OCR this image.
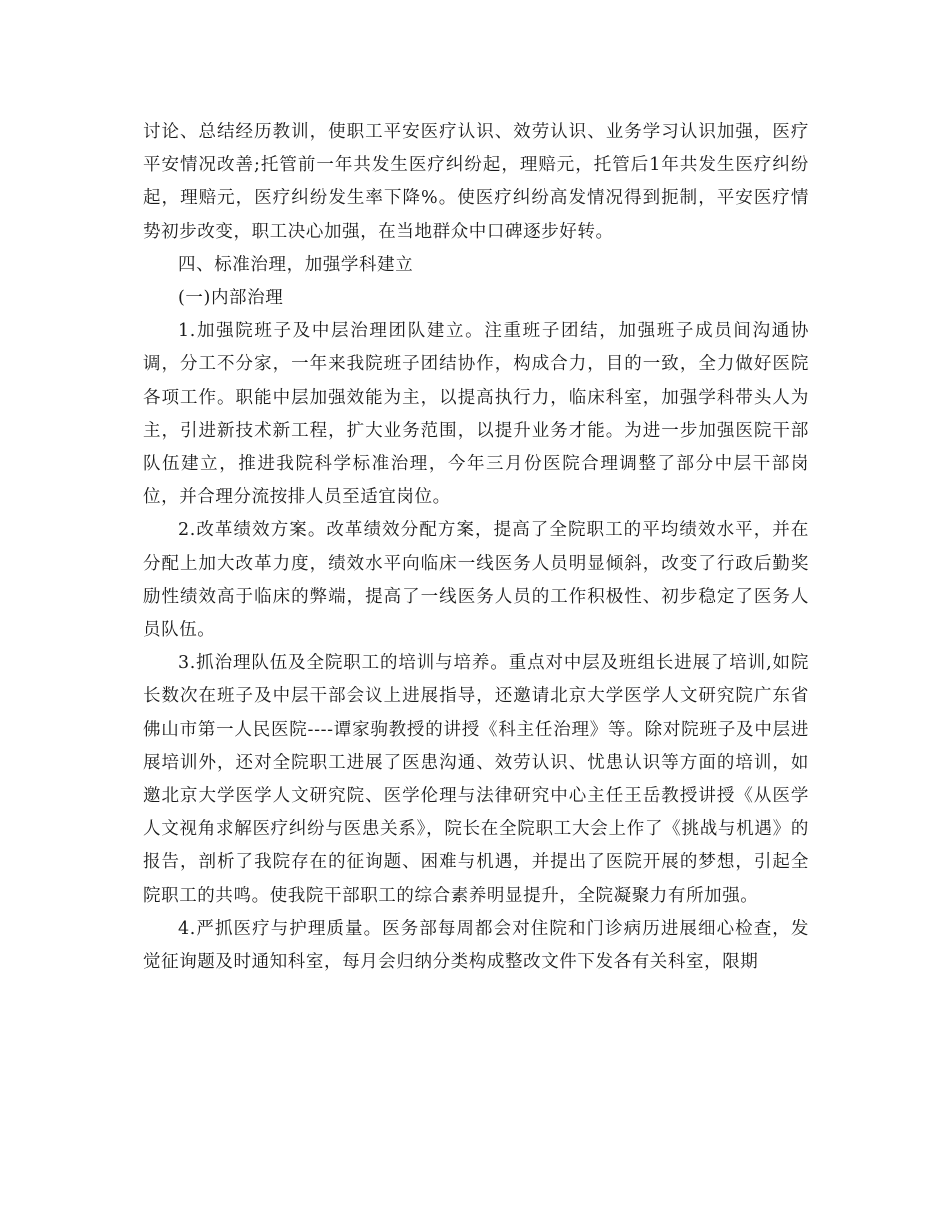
讨论、总结经历教训，使职工平安医疗认识、效劳认识、业务学习认识加强，医疗平安情况改善;托管前一年共发生医疗纠纷起，理赔元，托管后1年共发生医疗纠纷起，理赔元，医疗纠纷发生率下降%。使医疗纠纷高发情况得到扼制，平安医疗情势初步改变，职工决心加强，在当地群众中口碑逐步好转。

四、标准治理，加强学科建立

(一)内部治理

1.加强院班子及中层治理团队建立。注重班子团结，加强班子成员间沟通协调，分工不分家，一年来我院班子团结协作，构成合力，目的一致，全力做好医院各项工作。职能中层加强效能为主，以提高执行力，临床科室，加强学科带头人为主，引进新技术新工程，扩大业务范围，以提升业务才能。为进一步加强医院干部队伍建立，推进我院科学标准治理，今年三月份医院合理调整了部分中层干部岗位，并合理分流按排人员至适宜岗位。

2.改革绩效方案。改革绩效分配方案，提高了全院职工的平均绩效水平，并在分配上加大改革力度，绩效水平向临床一线医务人员明显倾斜，改变了行政后勤奖励性绩效高于临床的弊端，提高了一线医务人员的工作积极性、初步稳定了医务人员队伍。

3.抓治理队伍及全院职工的培训与培养。重点对中层及班组长进展了培训,如院长数次在班子及中层干部会议上进展指导，还邀请北京大学医学人文研究院广东省佛山市第一人民医院----谭家驹教授的讲授《科主任治理》等。除对院班子及中层进展培训外，还对全院职工进展了医患沟通、效劳认识、忧患认识等方面的培训，如邀北京大学医学人文研究院、医学伦理与法律研究中心主任王岳教授讲授《从医学人文视角求解医疗纠纷与医患关系》，院长在全院职工大会上作了《挑战与机遇》的报告，剖析了我院存在的征询题、困难与机遇，并提出了医院开展的梦想，引起全院职工的共鸣。使我院干部职工的综合素养明显提升，全院凝聚力有所加强。

4.严抓医疗与护理质量。医务部每周都会对住院和门诊病历进展细心检查，发觉征询题及时通知科室，每月会归纳分类构成整改文件下发各有关科室，限期
